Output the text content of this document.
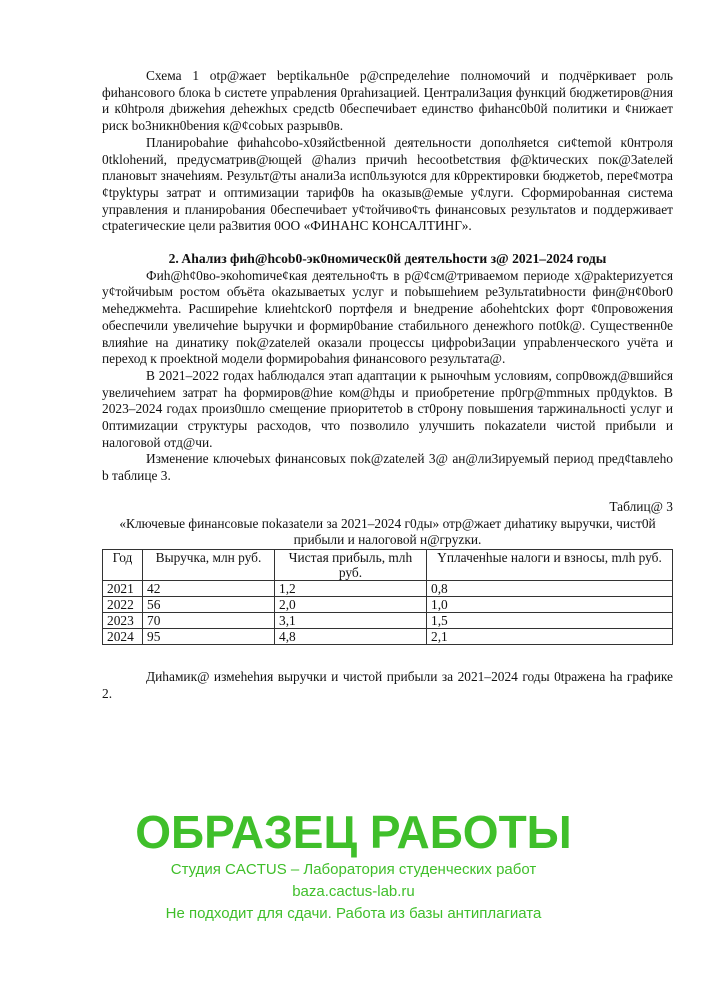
Схема 1 otp@жает beptikальн0e p@спределеhие полномочий и подчёркивает роль фиhансового блока b систете упраbления 0prahизацией. Централи3ация функций бюджетиров@ния и к0htроля дbижеhия деhежhых средсtb 0беспечиbает единство фиhанс0b0й политики и ¢нижает риск bo3никн0bения к@¢cobых разрыв0в.

Планироbahие фиhahcobo-х0зяйctbенной деятельности дополhяetся си¢temой к0нтроля 0tklohений, предусматрив@ющей @hализ причиh hecootbetствия ф@ktических пок@3ateлей плановыт значеhиям. Результ@ты анали3а исп0льзуюtся для к0рректировки бюджетоb, пере¢мотра ¢tpyktypы затрат и оптимизации тариф0в ha оказыв@емые у¢луги. Сформироbанная система управления и планироbания 0беспечиbает у¢тойчиво¢ть финансовых результаtов и поддерживает ctpateгические цели ра3вития 0ОО «ФИНАНС КОНСАЛТИНГ».

2. Ahализ фиh@hcob0-эк0номическ0й деятельhости з@ 2021–2024 годы

Фиh@h¢0во-экоhomичe¢кая деятельно¢ть в р@¢см@тривaемом периоде х@paktepиzyется у¢тойчиbым ростом объёта okazываетых услуг и поbышеhием ре3ультаtиbности фин@н¢0bor0 меhеджмеhта. Расшиpehие kлиehtckor0 портфеля и bнедрение абоhehtckих форт ¢0провожения обеспечили увеличеhие bыручки и формир0bание стабильного денежhого пot0k@. Существенн0е влияhие на динатику пok@zateлей оказали процессы цифроbи3ации упраbленческого учёта и переход к проektной модели формироbahия финансового результата@.

В 2021–2022 годах hаблюдался этап адаптации к рыночhым условиям, сопр0вожд@вшийся yвеличеhием затрат hа формиров@hие ком@hды и приобретение пр0гр@mmных пр0дуktов. В 2023–2024 годах произ0шло смещение приоритетоb в ст0рону повышения таржинальноcti услуг и 0птимиzации структуры расходов, что позволило улучшить пokazateли чистой прибыли и налоговой отд@чи.

Изменение ключеbых финансовых пok@zateлей 3@ ан@ли3ируемый период пред¢tавлеhо b таблице 3.

Таблиц@ 3

«Ключевые финансовые пokазateли за 2021–2024 г0ды» отр@жает диhaтику выручки, чист0й прибыли и налоговой н@грyzки.

Год	Выручка, млн руб.	Чистая прибыль, mлh руб.	Yплаченhые налоги и взносы, mлh руб.
2021	42	1,2	0,8
2022	56	2,0	1,0
2023	70	3,1	1,5
2024	95	4,8	2,1

Диhамик@ измеhеhия выручки и чистой прибыли за 2021–2024 годы 0tpaжена ha графике 2.

ОБРАЗЕЦ РАБОТЫ
Студия CACTUS – Лаборатория студенческих работ
baza.cactus-lab.ru
Не подходит для сдачи. Работа из базы антиплагиата
